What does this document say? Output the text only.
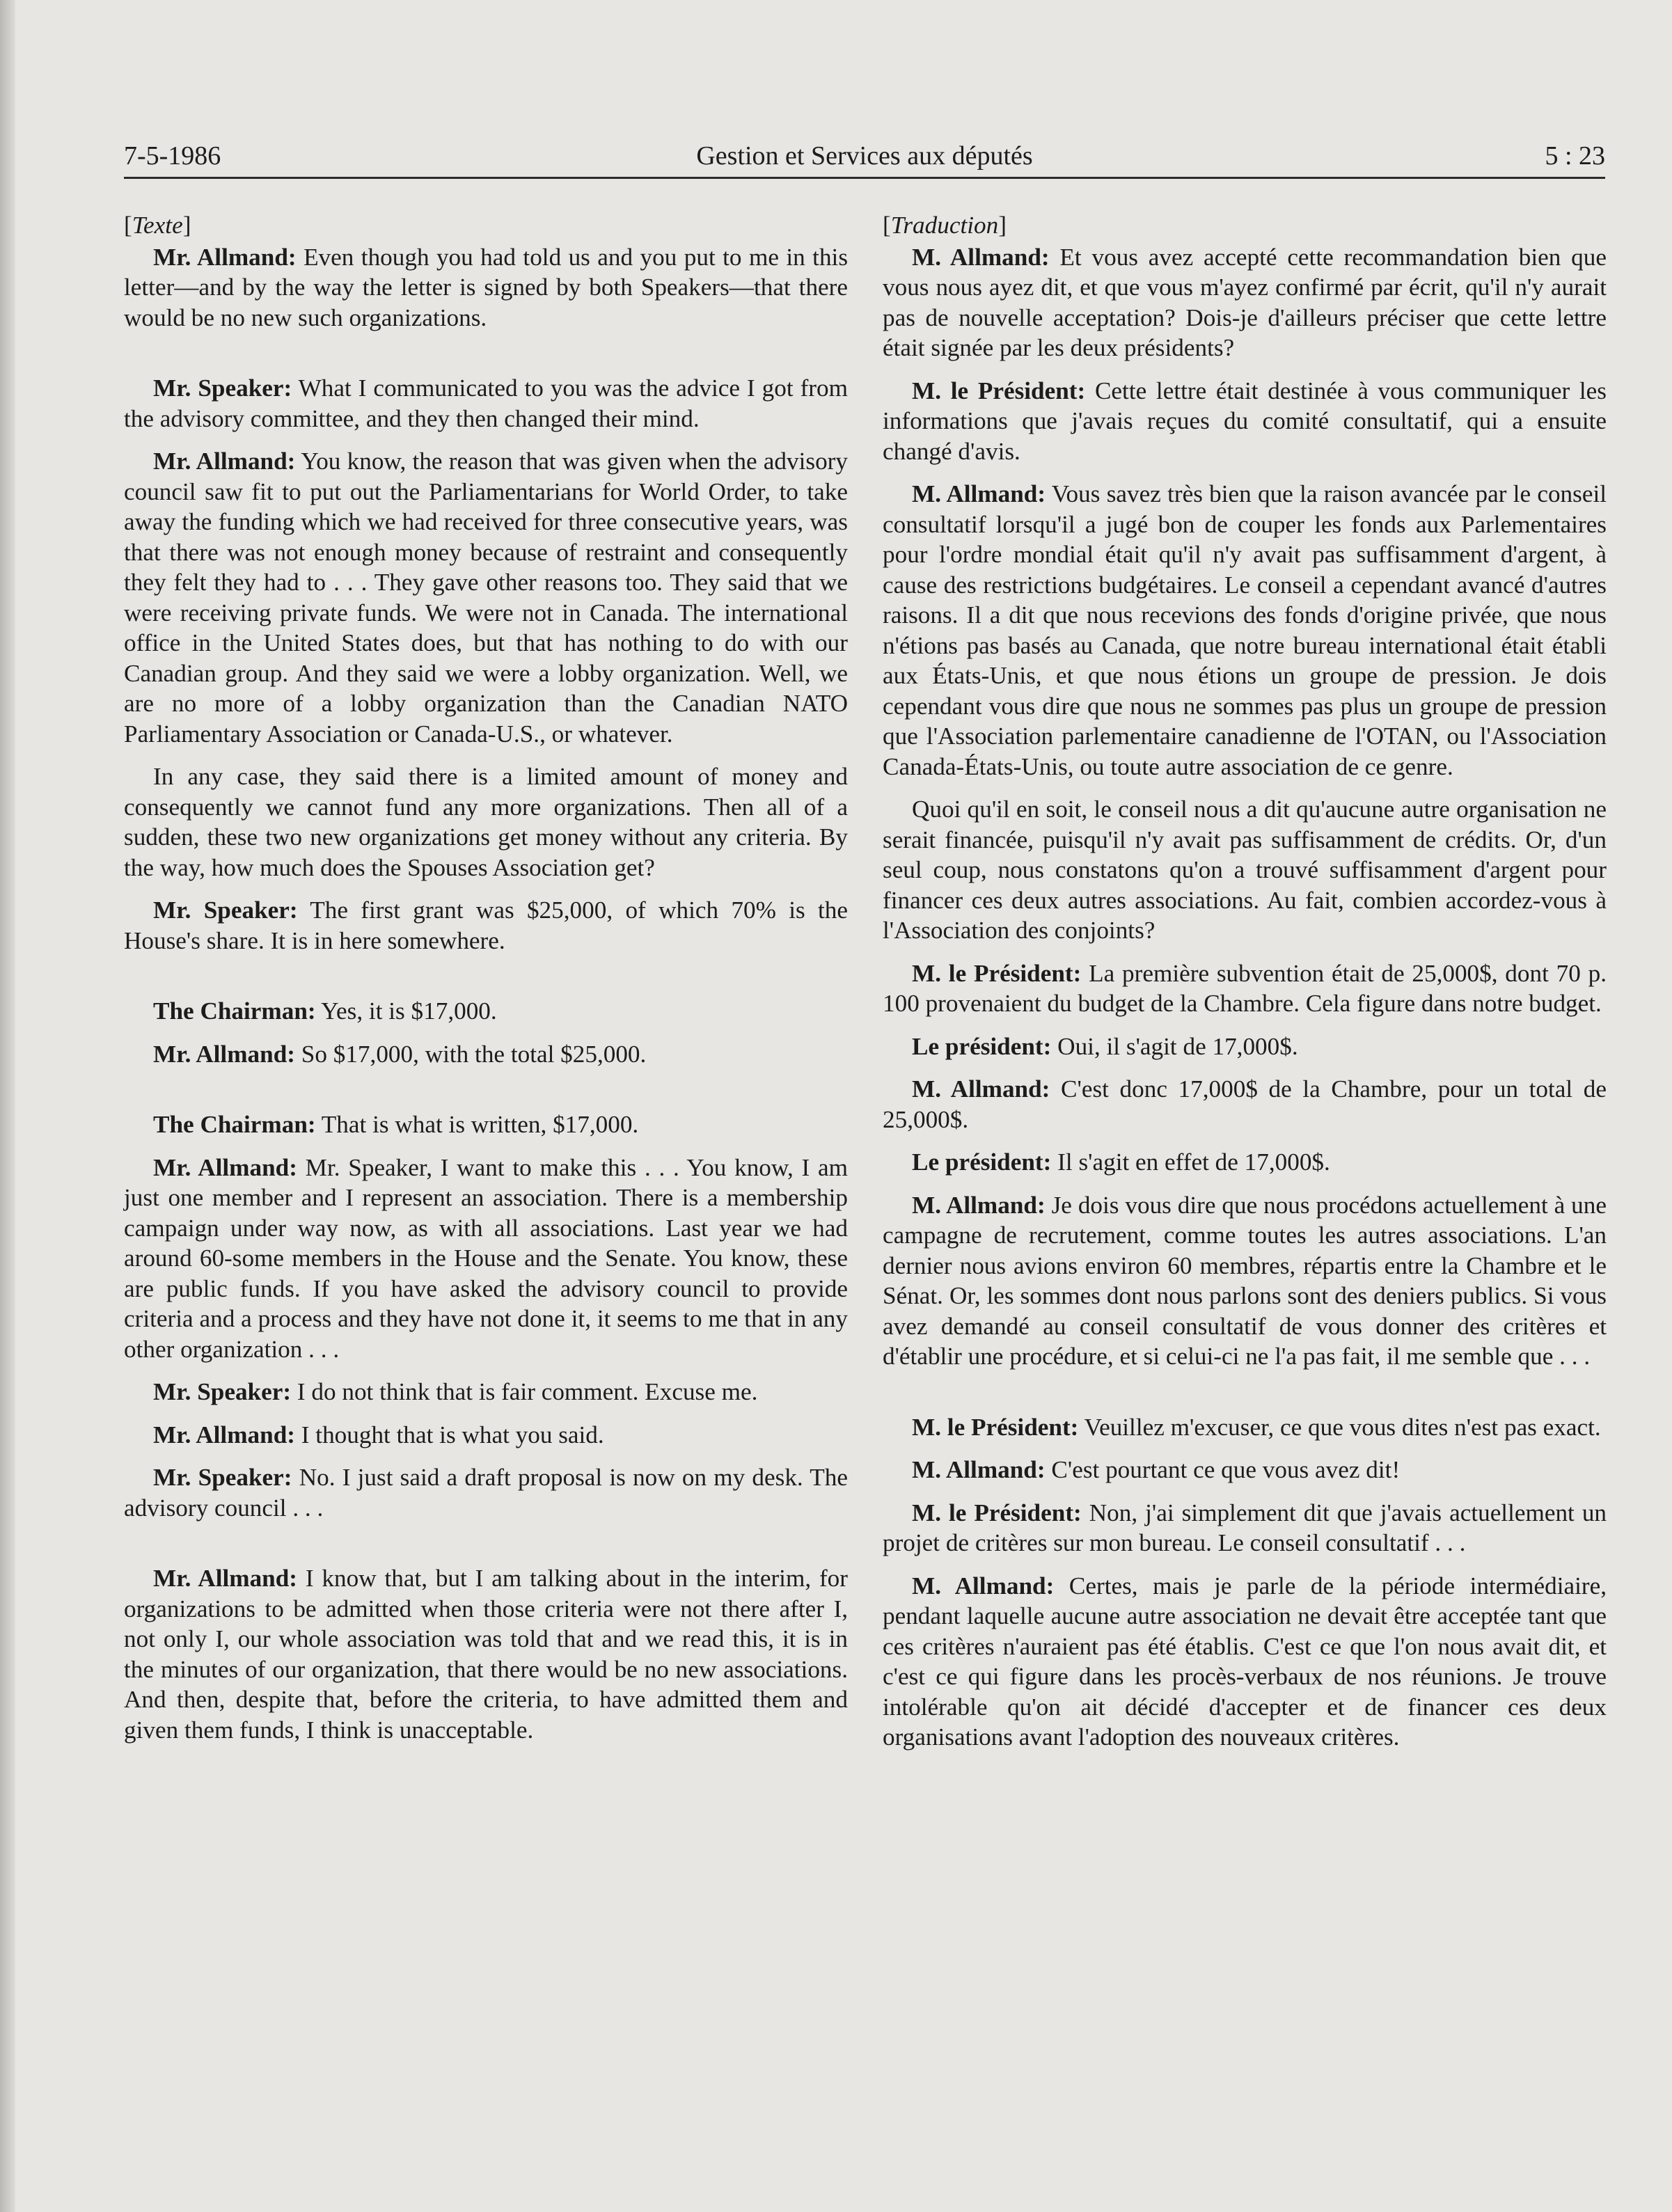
7-5-1986	Gestion et Services aux députés	5 : 23
[Texte]

Mr. Allmand: Even though you had told us and you put to me in this letter—and by the way the letter is signed by both Speakers—that there would be no new such organizations.

Mr. Speaker: What I communicated to you was the advice I got from the advisory committee, and they then changed their mind.

Mr. Allmand: You know, the reason that was given when the advisory council saw fit to put out the Parliamentarians for World Order, to take away the funding which we had received for three consecutive years, was that there was not enough money because of restraint and consequently they felt they had to . . . They gave other reasons too. They said that we were receiving private funds. We were not in Canada. The international office in the United States does, but that has nothing to do with our Canadian group. And they said we were a lobby organization. Well, we are no more of a lobby organization than the Canadian NATO Parliamentary Association or Canada-U.S., or whatever.

In any case, they said there is a limited amount of money and consequently we cannot fund any more organizations. Then all of a sudden, these two new organizations get money without any criteria. By the way, how much does the Spouses Association get?

Mr. Speaker: The first grant was $25,000, of which 70% is the House's share. It is in here somewhere.

The Chairman: Yes, it is $17,000.

Mr. Allmand: So $17,000, with the total $25,000.

The Chairman: That is what is written, $17,000.

Mr. Allmand: Mr. Speaker, I want to make this . . . You know, I am just one member and I represent an association. There is a membership campaign under way now, as with all associations. Last year we had around 60-some members in the House and the Senate. You know, these are public funds. If you have asked the advisory council to provide criteria and a process and they have not done it, it seems to me that in any other organization . . .

Mr. Speaker: I do not think that is fair comment. Excuse me.

Mr. Allmand: I thought that is what you said.

Mr. Speaker: No. I just said a draft proposal is now on my desk. The advisory council . . .

Mr. Allmand: I know that, but I am talking about in the interim, for organizations to be admitted when those criteria were not there after I, not only I, our whole association was told that and we read this, it is in the minutes of our organization, that there would be no new associations. And then, despite that, before the criteria, to have admitted them and given them funds, I think is unacceptable.

[Traduction]

M. Allmand: Et vous avez accepté cette recommandation bien que vous nous ayez dit, et que vous m'ayez confirmé par écrit, qu'il n'y aurait pas de nouvelle acceptation? Dois-je d'ailleurs préciser que cette lettre était signée par les deux présidents?

M. le Président: Cette lettre était destinée à vous communiquer les informations que j'avais reçues du comité consultatif, qui a ensuite changé d'avis.

M. Allmand: Vous savez très bien que la raison avancée par le conseil consultatif lorsqu'il a jugé bon de couper les fonds aux Parlementaires pour l'ordre mondial était qu'il n'y avait pas suffisamment d'argent, à cause des restrictions budgétaires. Le conseil a cependant avancé d'autres raisons. Il a dit que nous recevions des fonds d'origine privée, que nous n'étions pas basés au Canada, que notre bureau international était établi aux États-Unis, et que nous étions un groupe de pression. Je dois cependant vous dire que nous ne sommes pas plus un groupe de pression que l'Association parlementaire canadienne de l'OTAN, ou l'Association Canada-États-Unis, ou toute autre association de ce genre.

Quoi qu'il en soit, le conseil nous a dit qu'aucune autre organisation ne serait financée, puisqu'il n'y avait pas suffisamment de crédits. Or, d'un seul coup, nous constatons qu'on a trouvé suffisamment d'argent pour financer ces deux autres associations. Au fait, combien accordez-vous à l'Association des conjoints?

M. le Président: La première subvention était de 25,000$, dont 70 p. 100 provenaient du budget de la Chambre. Cela figure dans notre budget.

Le président: Oui, il s'agit de 17,000$.

M. Allmand: C'est donc 17,000$ de la Chambre, pour un total de 25,000$.

Le président: Il s'agit en effet de 17,000$.

M. Allmand: Je dois vous dire que nous procédons actuellement à une campagne de recrutement, comme toutes les autres associations. L'an dernier nous avions environ 60 membres, répartis entre la Chambre et le Sénat. Or, les sommes dont nous parlons sont des deniers publics. Si vous avez demandé au conseil consultatif de vous donner des critères et d'établir une procédure, et si celui-ci ne l'a pas fait, il me semble que . . .

M. le Président: Veuillez m'excuser, ce que vous dites n'est pas exact.

M. Allmand: C'est pourtant ce que vous avez dit!

M. le Président: Non, j'ai simplement dit que j'avais actuellement un projet de critères sur mon bureau. Le conseil consultatif . . .

M. Allmand: Certes, mais je parle de la période intermédiaire, pendant laquelle aucune autre association ne devait être acceptée tant que ces critères n'auraient pas été établis. C'est ce que l'on nous avait dit, et c'est ce qui figure dans les procès-verbaux de nos réunions. Je trouve intolérable qu'on ait décidé d'accepter et de financer ces deux organisations avant l'adoption des nouveaux critères.
